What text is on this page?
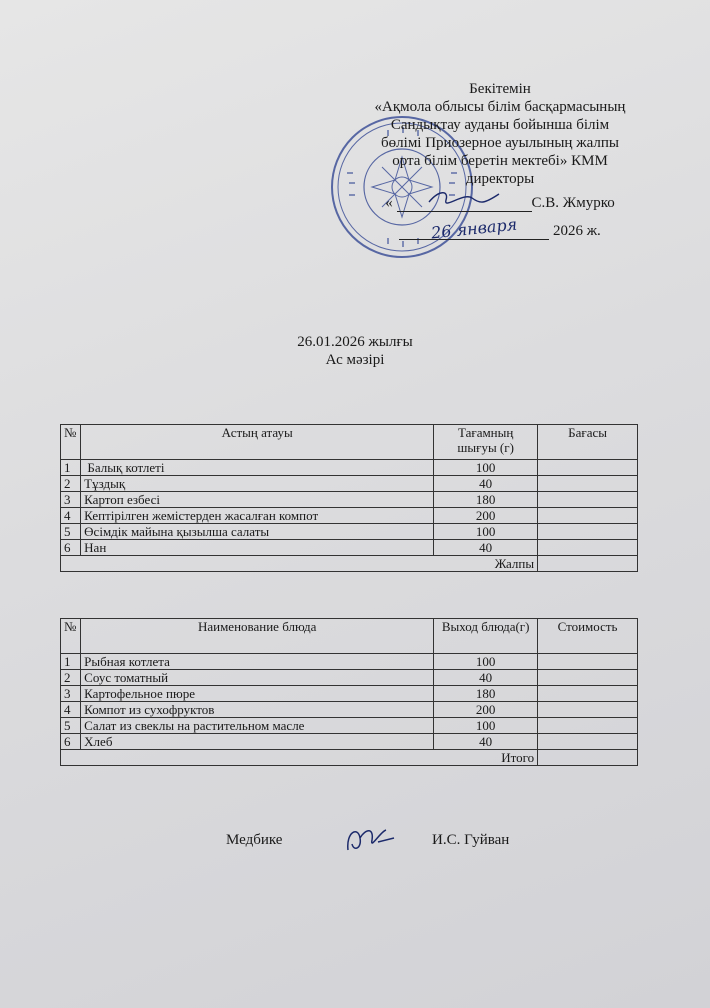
Бекітемін
«Ақмола облысы білім басқармасының
Сандықтау ауданы бойынша білім
бөлімі Приозерное ауылының жалпы
орта білім беретін мектебі» КММ
директоры
«	С.В. Жмурко
26 января 2026 ж.
26.01.2026 жылғы
Ас мәзірі
№	Астың атауы	Тағамның шығуы (г)	Бағасы
1	Балық котлеті	100	
2	Тұздық	40	
3	Картоп езбесі	180	
4	Кептірілген жемістерден жасалған компот	200	
5	Өсімдік майына қызылша салаты	100	
6	Нан	40	
Жалпы			
№	Наименование блюда	Выход блюда(г)	Стоимость
1	Рыбная котлета	100	
2	Соус томатный	40	
3	Картофельное пюре	180	
4	Компот из сухофруктов	200	
5	Салат из свеклы на растительном масле	100	
6	Хлеб	40	
Итого			
Медбике	И.С. Гуйван
